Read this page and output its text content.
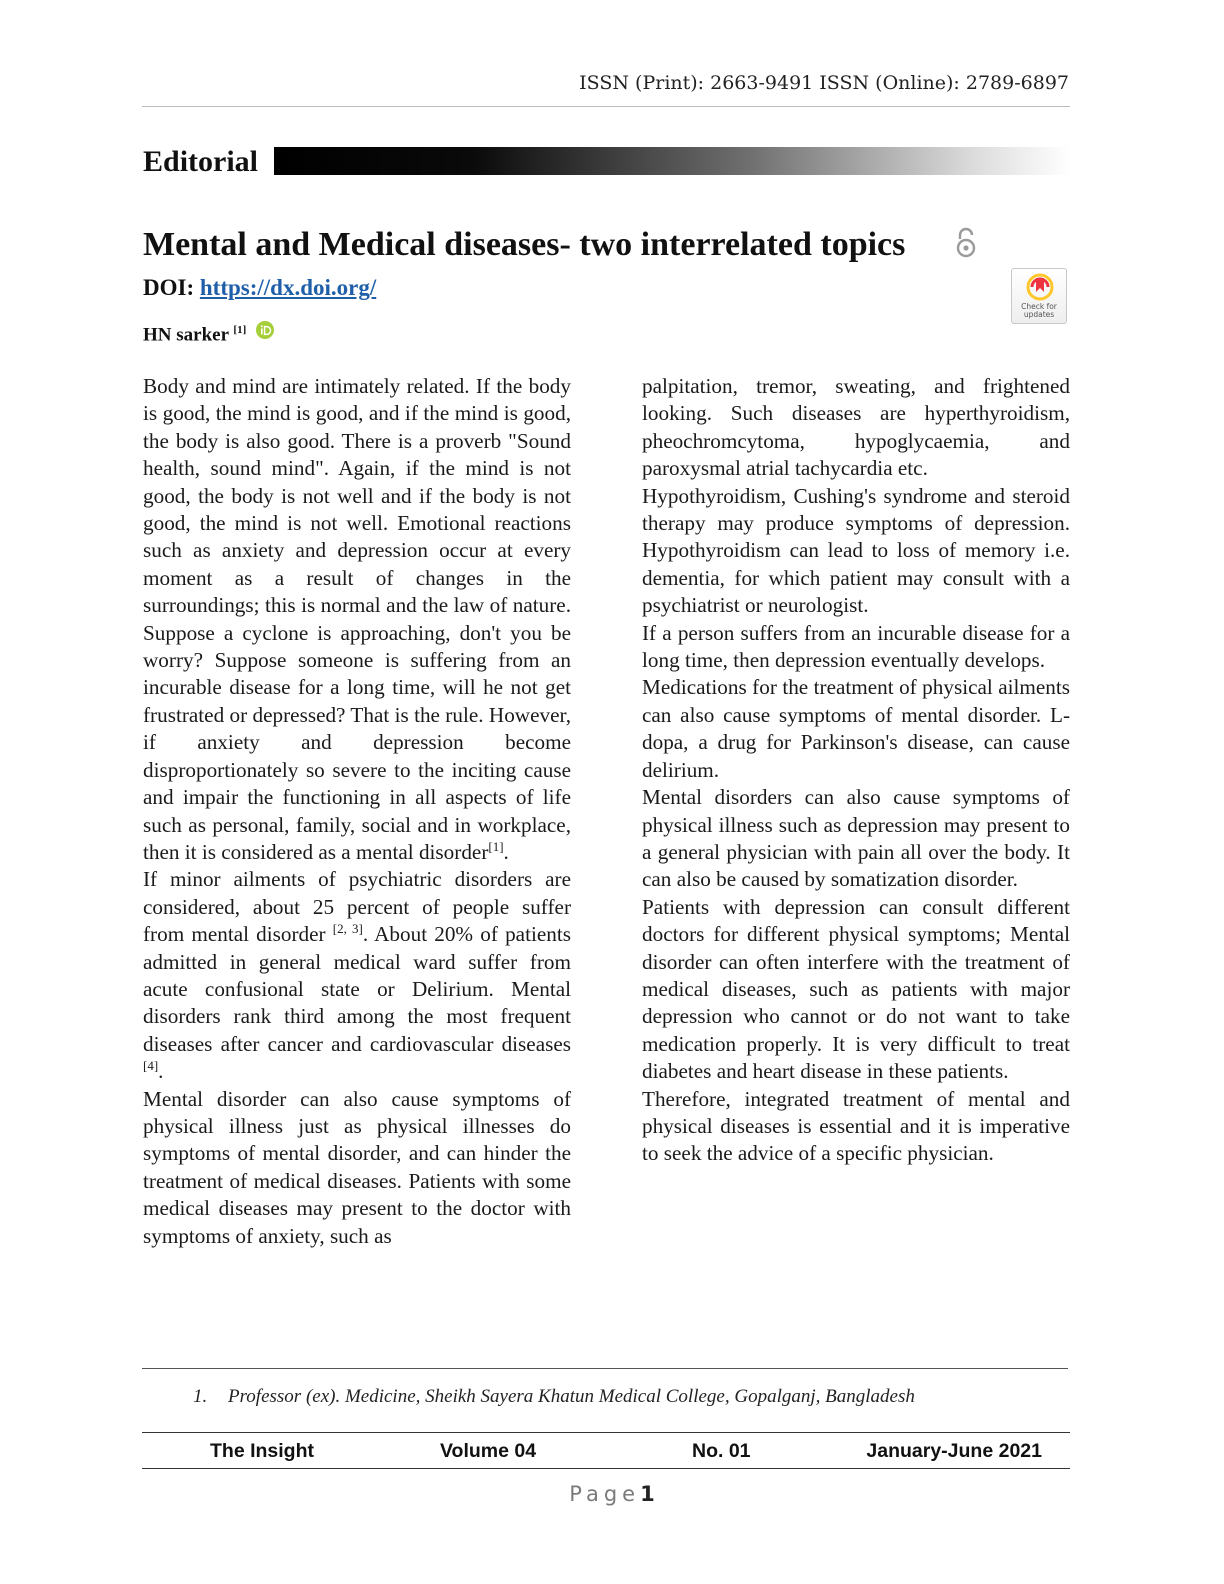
ISSN (Print): 2663-9491 ISSN (Online): 2789-6897
Editorial
Mental and Medical diseases- two interrelated topics
DOI: https://dx.doi.org/
Check for
updates
HN sarker [1]

Body and mind are intimately related. If the body is good, the mind is good, and if the mind is good, the body is also good. There is a proverb "Sound health, sound mind". Again, if the mind is not good, the body is not well and if the body is not good, the mind is not well. Emotional reactions such as anxiety and depression occur at every moment as a result of changes in the surroundings; this is normal and the law of nature. Suppose a cyclone is approaching, don't you be worry? Suppose someone is suffering from an incurable disease for a long time, will he not get frustrated or depressed? That is the rule. However, if anxiety and depression become disproportionately so severe to the inciting cause and impair the functioning in all aspects of life such as personal, family, social and in workplace, then it is considered as a mental disorder[1].

If minor ailments of psychiatric disorders are considered, about 25 percent of people suffer from mental disorder [2, 3]. About 20% of patients admitted in general medical ward suffer from acute confusional state or Delirium. Mental disorders rank third among the most frequent diseases after cancer and cardiovascular diseases [4].

Mental disorder can also cause symptoms of physical illness just as physical illnesses do symptoms of mental disorder, and can hinder the treatment of medical diseases. Patients with some medical diseases may present to the doctor with symptoms of anxiety, such as

palpitation, tremor, sweating, and frightened looking. Such diseases are hyperthyroidism, pheochromcytoma, hypoglycaemia, and paroxysmal atrial tachycardia etc.

Hypothyroidism, Cushing's syndrome and steroid therapy may produce symptoms of depression. Hypothyroidism can lead to loss of memory i.e. dementia, for which patient may consult with a psychiatrist or neurologist.

If a person suffers from an incurable disease for a long time, then depression eventually develops.

Medications for the treatment of physical ailments can also cause symptoms of mental disorder. L-dopa, a drug for Parkinson's disease, can cause delirium.

Mental disorders can also cause symptoms of physical illness such as depression may present to a general physician with pain all over the body. It can also be caused by somatization disorder.

Patients with depression can consult different doctors for different physical symptoms; Mental disorder can often interfere with the treatment of medical diseases, such as patients with major depression who cannot or do not want to take medication properly. It is very difficult to treat diabetes and heart disease in these patients.

Therefore, integrated treatment of mental and physical diseases is essential and it is imperative to seek the advice of a specific physician.

1. Professor (ex). Medicine, Sheikh Sayera Khatun Medical College, Gopalganj, Bangladesh
The Insight	Volume 04	No. 01	January-June 2021
Page1
